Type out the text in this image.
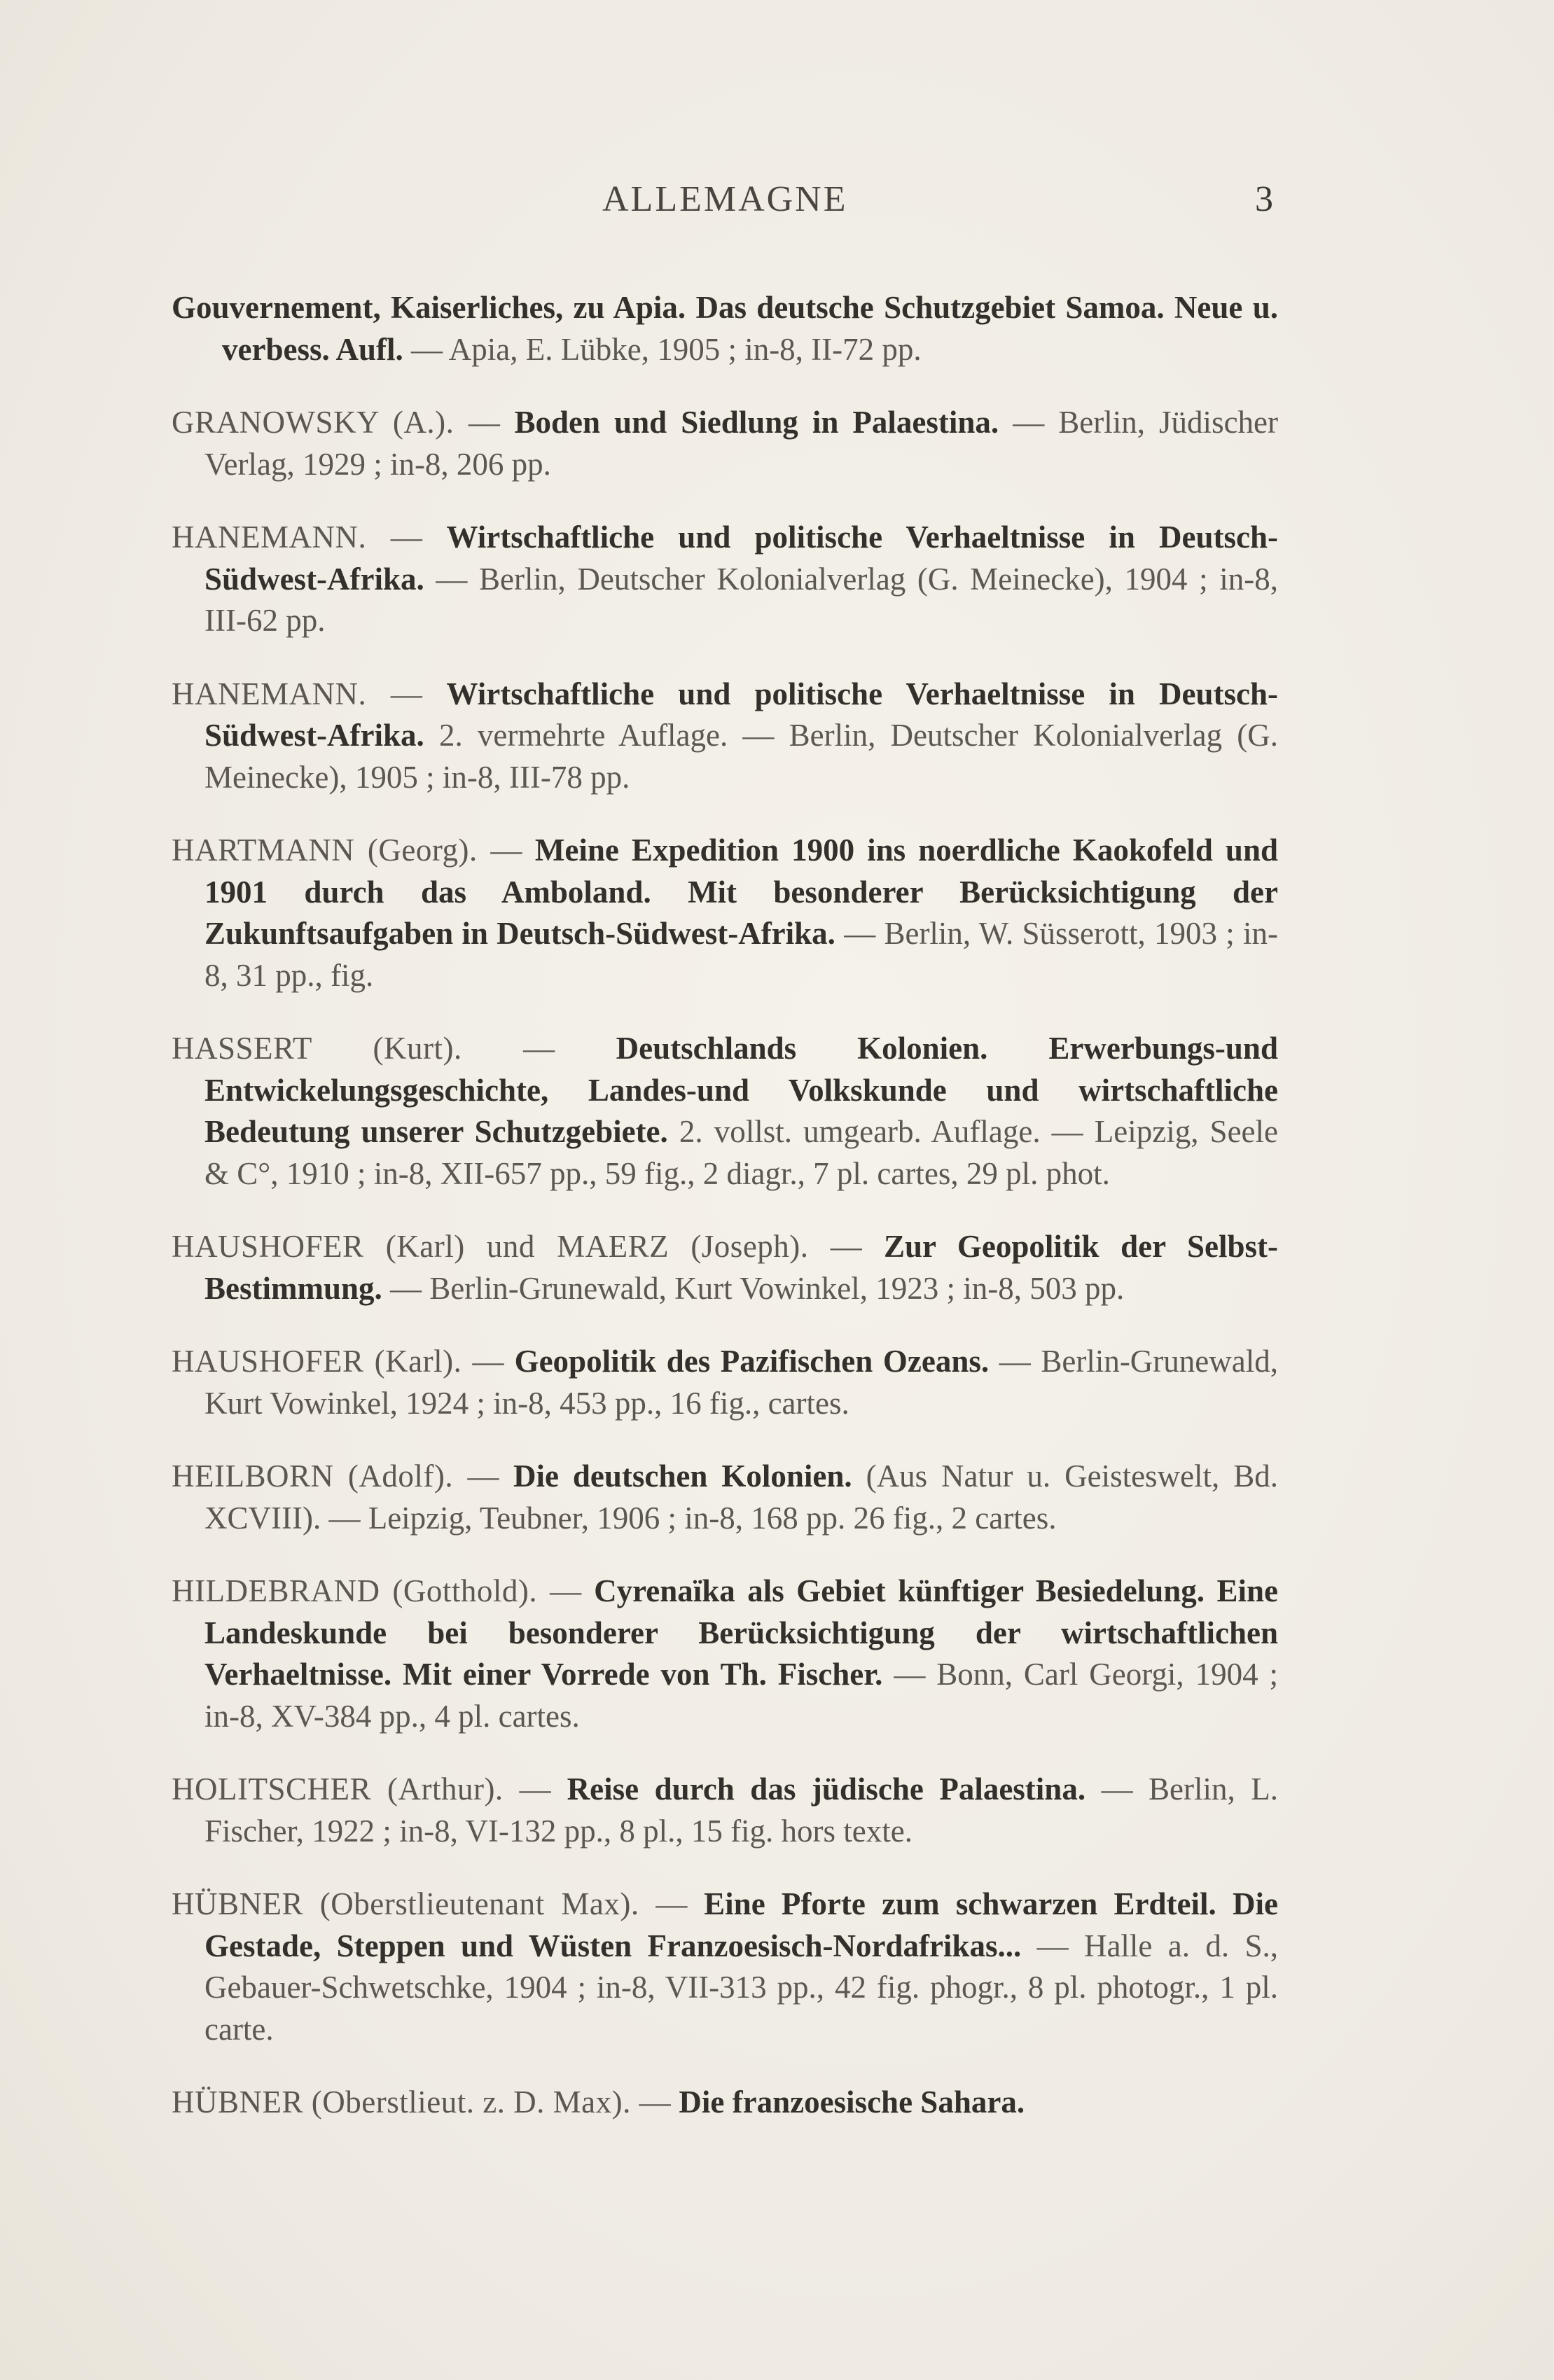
ALLEMAGNE	3

Gouvernement, Kaiserliches, zu Apia. Das deutsche Schutzgebiet Samoa. Neue u. verbess. Aufl. — Apia, E. Lübke, 1905 ; in-8, II-72 pp.

GRANOWSKY (A.). — Boden und Siedlung in Palaestina. — Berlin, Jüdischer Verlag, 1929 ; in-8, 206 pp.

HANEMANN. — Wirtschaftliche und politische Verhaeltnisse in Deutsch-Südwest-Afrika. — Berlin, Deutscher Kolonialverlag (G. Meinecke), 1904 ; in-8, III-62 pp.

HANEMANN. — Wirtschaftliche und politische Verhaeltnisse in Deutsch-Südwest-Afrika. 2. vermehrte Auflage. — Berlin, Deutscher Kolonialverlag (G. Meinecke), 1905 ; in-8, III-78 pp.

HARTMANN (Georg). — Meine Expedition 1900 ins noerdliche Kaokofeld und 1901 durch das Amboland. Mit besonderer Berücksichtigung der Zukunftsaufgaben in Deutsch-Südwest-Afrika. — Berlin, W. Süsserott, 1903 ; in-8, 31 pp., fig.

HASSERT (Kurt). — Deutschlands Kolonien. Erwerbungs-und Entwickelungsgeschichte, Landes-und Volkskunde und wirtschaftliche Bedeutung unserer Schutzgebiete. 2. vollst. umgearb. Auflage. — Leipzig, Seele & C°, 1910 ; in-8, XII-657 pp., 59 fig., 2 diagr., 7 pl. cartes, 29 pl. phot.

HAUSHOFER (Karl) und MAERZ (Joseph). — Zur Geopolitik der Selbst-Bestimmung. — Berlin-Grunewald, Kurt Vowinkel, 1923 ; in-8, 503 pp.

HAUSHOFER (Karl). — Geopolitik des Pazifischen Ozeans. — Berlin-Grunewald, Kurt Vowinkel, 1924 ; in-8, 453 pp., 16 fig., cartes.

HEILBORN (Adolf). — Die deutschen Kolonien. (Aus Natur u. Geisteswelt, Bd. XCVIII). — Leipzig, Teubner, 1906 ; in-8, 168 pp. 26 fig., 2 cartes.

HILDEBRAND (Gotthold). — Cyrenaïka als Gebiet künftiger Besiedelung. Eine Landeskunde bei besonderer Berücksichtigung der wirtschaftlichen Verhaeltnisse. Mit einer Vorrede von Th. Fischer. — Bonn, Carl Georgi, 1904 ; in-8, XV-384 pp., 4 pl. cartes.

HOLITSCHER (Arthur). — Reise durch das jüdische Palaestina. — Berlin, L. Fischer, 1922 ; in-8, VI-132 pp., 8 pl., 15 fig. hors texte.

HÜBNER (Oberstlieutenant Max). — Eine Pforte zum schwarzen Erdteil. Die Gestade, Steppen und Wüsten Franzoesisch-Nordafrikas... — Halle a. d. S., Gebauer-Schwetschke, 1904 ; in-8, VII-313 pp., 42 fig. phogr., 8 pl. photogr., 1 pl. carte.

HÜBNER (Oberstlieut. z. D. Max). — Die franzoesische Sahara.
